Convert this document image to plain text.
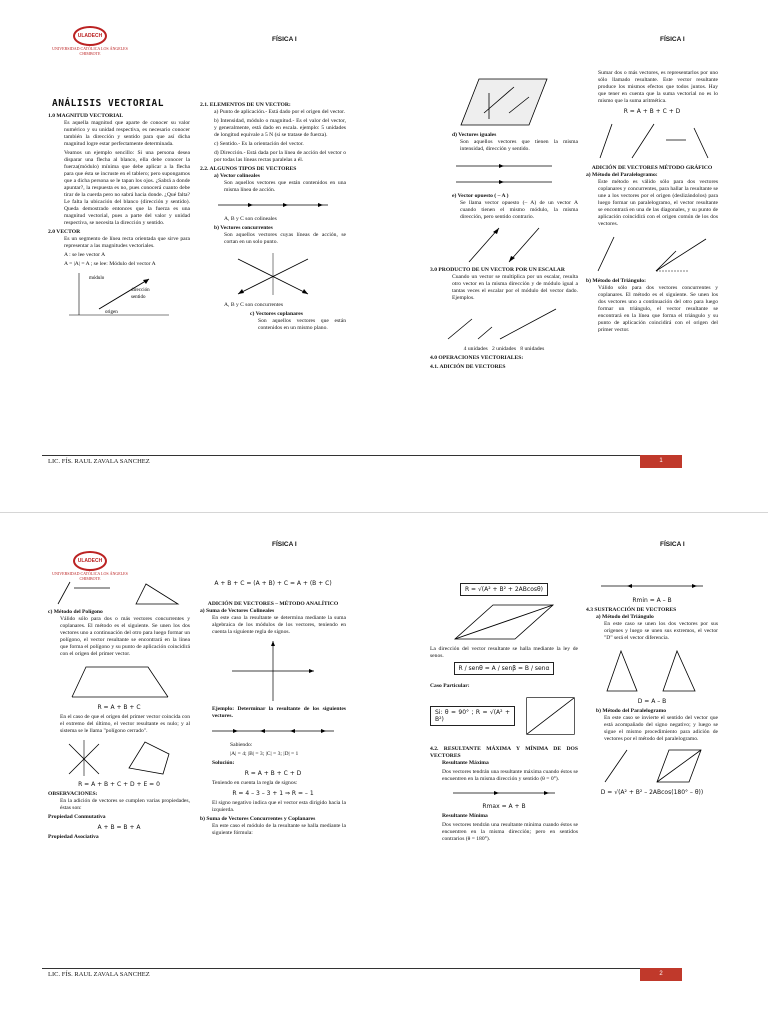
ULADECH
UNIVERSIDAD CATÓLICA LOS ÁNGELES CHIMBOTE
FÍSICA I	FÍSICA I
ANÁLISIS VECTORIAL
1.0 MAGNITUD VECTORIAL

Es aquella magnitud que aparte de conocer su valor numérico y su unidad respectiva, es necesario conocer también la dirección y sentido para que así dicha magnitud logre estar perfectamente determinada.

Veamos un ejemplo sencillo: Si una persona desea disparar una flecha al blanco, ella debe conocer la fuerza(módulo) mínima que debe aplicar a la flecha para que ésta se incruste en el tablero; pero supongamos que a dicha persona se le tapan los ojos. ¿Sabrá a donde apuntar?, la respuesta es no, pues conocerá cuanto debe tirar de la cuerda pero no sabrá hacia donde. ¿Qué falta? Le falta la ubicación del blanco (dirección y sentido). Queda demostrado entonces que la fuerza es una magnitud vectorial, pues a parte del valor y unidad respectiva, se necesita la dirección y sentido.

2.0 VECTOR

Es un segmento de línea recta orientada que sirve para representar a las magnitudes vectoriales.

A : se lee vector A

A = |A| = A ; se lee: Módulo del vector A

módulo
dirección
sentido
origen
2.1. ELEMENTOS DE UN VECTOR:

a) Punto de aplicación.- Está dado por el origen del vector.

b) Intensidad, módulo o magnitud.- Es el valor del vector, y generalmente, está dado en escala. ejemplo: 5 unidades de longitud equivale a 5 N (si se tratase de fuerza).

c) Sentido.- Es la orientación del vector.

d) Dirección.- Está dada por la línea de acción del vector o por todas las líneas rectas paralelas a él.

2.2. ALGUNOS TIPOS DE VECTORES
a) Vector colineales

Son aquellos vectores que están contenidos en una misma línea de acción.

A, B y C son colineales

b) Vectores concurrentes

Son aquellos vectores cuyas líneas de acción, se cortan en un solo punto.

A, B y C son concurrentes

c) Vectores coplanares

Son aquellos vectores que están contenidos en un mismo plano.

d) Vectores iguales

Son aquellos vectores que tienen la misma intensidad, dirección y sentido.

e) Vector opuesto ( – A )

Se llama vector opuesto (– A) de un vector A cuando tienen el mismo módulo, la misma dirección, pero sentido contrario.

3.0 PRODUCTO DE UN VECTOR POR UN ESCALAR

Cuando un vector se multiplica por un escalar, resulta otro vector en la misma dirección y de módulo igual a tantas veces el escalar por el módulo del vector dado. Ejemplos.

4 unidades 2 unidades 8 unidades

4.0 OPERACIONES VECTORIALES:
4.1. ADICIÓN DE VECTORES

Sumar dos o más vectores, es representarlos por uno sólo llamado resultante. Este vector resultante produce los mismos efectos que todos juntos. Hay que tener en cuenta que la suma vectorial no es lo mismo que la suma aritmética.

R = A + B + C + D
ADICIÓN DE VECTORES MÉTODO GRÁFICO
a) Método del Paralelogramo:

Este método es válido sólo para dos vectores coplanares y concurrentes, para hallar la resultante se une a los vectores por el origen (deslizándolos) para luego formar un paralelogramo, el vector resultante se encontrará en una de las diagonales, y su punto de aplicación coincidirá con el origen común de los dos vectores.

b) Método del Triángulo:

Válido sólo para dos vectores concurrentes y coplanares. El método es el siguiente. Se unen los dos vectores uno a continuación del otro para luego formar un triángulo, el vector resultante se encontrará en la línea que forma el triángulo y su punto de aplicación coincidirá con el origen del primer vector.

LIC. FÍS. RAUL ZAVALA SANCHEZ	1
ULADECH
UNIVERSIDAD CATÓLICA LOS ÁNGELES CHIMBOTE
FÍSICA I	FÍSICA I
c) Método del Polígono

Válido sólo para dos o más vectores concurrentes y coplanares. El método es el siguiente. Se unen los dos vectores uno a continuación del otro para luego formar un polígono, el vector resultante se encontrará en la línea que forma el polígono y su punto de aplicación coincidirá con el origen del primer vector.

R = A + B + C

En el caso de que el origen del primer vector coincida con el extremo del último, el vector resultante es nulo; y al sistema se le llama "polígono cerrado".

R = A + B + C + D + E = 0
OBSERVACIONES:

En la adición de vectores se cumplen varias propiedades, éstas son:

Propiedad Conmutativa
A + B = B + A
Propiedad Asociativa
A + B + C = (A + B) + C = A + (B + C)
ADICIÓN DE VECTORES – MÉTODO ANALÍTICO
a) Suma de Vectores Colineales

En este caso la resultante se determina mediante la suma algebraica de los módulos de los vectores, teniendo en cuenta la siguiente regla de signos.

Ejemplo: Determinar la resultante de los siguientes vectores.

Sabiendo:

|A| = 4; |B| = 3; |C| = 3; |D| = 1

Solución:

R = A + B + C + D

Teniendo en cuenta la regla de signos:

R = 4 – 3 – 3 + 1 ⇒ R = – 1

El signo negativo indica que el vector esta dirigido hacia la izquierda.

b) Suma de Vectores Concurrentes y Coplanares

En este caso el módulo de la resultante se halla mediante la siguiente fórmula:

R = √(A² + B² + 2ABcosθ)

La dirección del vector resultante se halla mediante la ley de senos.

R / senθ = A / senβ = B / senα

Caso Particular:

Si: θ = 90° ; R = √(A² + B²)
4.2. RESULTANTE MÁXIMA Y MÍNIMA DE DOS VECTORES

Resultante Máxima

Dos vectores tendrán una resultante máxima cuando éstos se encuentren en la misma dirección y sentido (θ = 0°).

Rmax = A + B

Resultante Mínima

Dos vectores tendrán una resultante mínima cuando éstos se encuentren en la misma dirección; pero en sentidos contrarios (θ = 180°).

Rmin = A – B
4.3 SUSTRACCIÓN DE VECTORES
a) Método del Triángulo

En este caso se unen los dos vectores por sus orígenes y luego se unen sus extremos, el vector "D" será el vector diferencia.

D = A – B
b) Método del Paralelogramo

En este caso se invierte el sentido del vector que está acompañado del signo negativo; y luego se sigue el mismo procedimiento para adición de vectores por el método del paralelogramo.

D = √(A² + B² – 2ABcos(180° – θ))
LIC. FÍS. RAUL ZAVALA SANCHEZ	2
